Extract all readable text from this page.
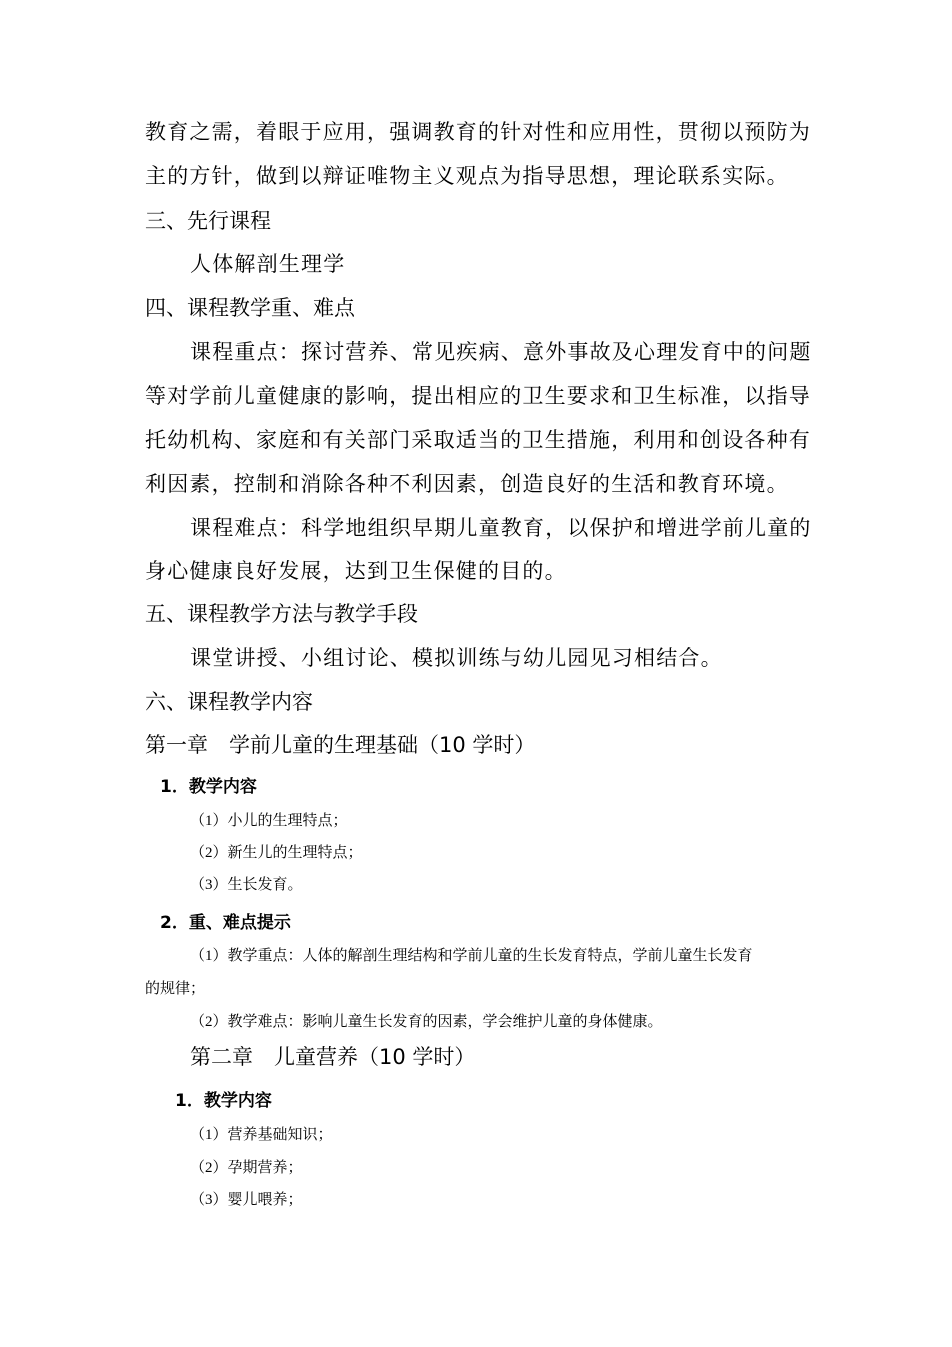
教育之需，着眼于应用，强调教育的针对性和应用性，贯彻以预防为

主的方针，做到以辩证唯物主义观点为指导思想，理论联系实际。

三、先行课程

人体解剖生理学

四、课程教学重、难点

课程重点：探讨营养、常见疾病、意外事故及心理发育中的问题

等对学前儿童健康的影响，提出相应的卫生要求和卫生标准，以指导

托幼机构、家庭和有关部门采取适当的卫生措施，利用和创设各种有

利因素，控制和消除各种不利因素，创造良好的生活和教育环境。

课程难点：科学地组织早期儿童教育，以保护和增进学前儿童的

身心健康良好发展，达到卫生保健的目的。

五、课程教学方法与教学手段

课堂讲授、小组讨论、模拟训练与幼儿园见习相结合。

六、课程教学内容

第一章　学前儿童的生理基础（10 学时）

1．教学内容

（1）小儿的生理特点；

（2）新生儿的生理特点；

（3）生长发育。

2．重、难点提示

（1）教学重点：人体的解剖生理结构和学前儿童的生长发育特点，学前儿童生长发育

的规律；

（2）教学难点：影响儿童生长发育的因素，学会维护儿童的身体健康。

第二章　儿童营养（10 学时）

1．教学内容

（1）营养基础知识；

（2）孕期营养；

（3）婴儿喂养；
